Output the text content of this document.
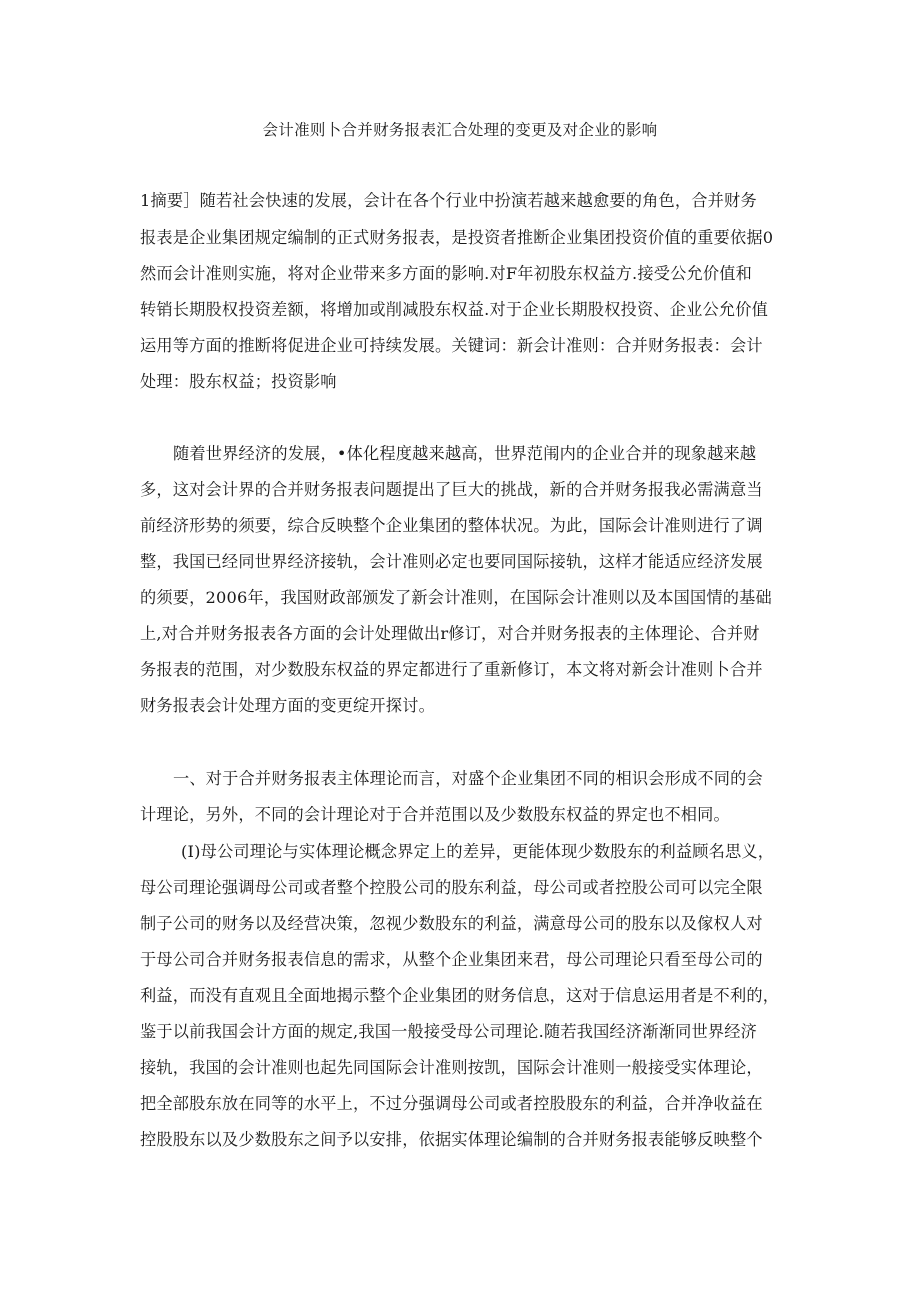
会计准则卜合并财务报表汇合处理的变更及对企业的影响
1摘要］随若社会快速的发展，会计在各个行业中扮演若越来越愈要的角色，合并财务
报表是企业集团规定编制的正式财务报表，是投资者推断企业集团投资价值的重要依据0
然而会计准则实施，将对企业带来多方面的影响.对F年初股东权益方.接受公允价值和
转销长期股权投资差额，将增加或削减股东权益.对于企业长期股权投资、企业公允价值
运用等方面的推断将促进企业可持续发展。关键词：新会计准则：合并财务报表：会计
处理：股东权益；投资影响
随着世界经济的发展，•体化程度越来越高，世界范闱内的企业合并的现象越来越
多，这对会计界的合并财务报表问题提出了巨大的挑战，新的合并财务报我必需满意当
前经济形势的须要，综合反映整个企业集团的整体状况。为此，国际会计准则进行了调
整，我国已经同世界经济接轨，会计准则必定也要同国际接轨，这样才能适应经济发展
的须要，2006年，我国财政部颁发了新会计准则，在国际会计准则以及本国国情的基础
上,对合并财务报表各方面的会计处理做出r修订，对合并财务报表的主体理论、合并财
务报表的范围，对少数股东权益的界定都进行了重新修订，本文将对新会计准则卜合并
财务报表会计处理方面的变更绽开探讨。
一、对于合并财务报表主体理论而言，对盛个企业集团不同的相识会形成不同的会
计理论，另外，不同的会计理论对于合并范围以及少数股东权益的界定也不相同。
(I)母公司理论与实体理论概念界定上的差异，更能体现少数股东的利益顾名思义，
母公司理论强调母公司或者整个控股公司的股东利益，母公司或者控股公司可以完全限
制子公司的财务以及经营决策，忽视少数股东的利益，满意母公司的股东以及傢权人对
于母公司合并财务报表信息的需求，从整个企业集团来君，母公司理论只看至母公司的
利益，而没有直观且全面地揭示整个企业集团的财务信息，这对于信息运用者是不利的，
鉴于以前我国会计方面的规定,我国一般接受母公司理论.随若我国经济渐渐同世界经济
接轨，我国的会计准则也起先同国际会计准则按凯，国际会计准则一般接受实体理论，
把全部股东放在同等的水平上，不过分强调母公司或者控股股东的利益，合并净收益在
控股股东以及少数股东之间予以安排，依据实体理论编制的合并财务报表能够反映整个
